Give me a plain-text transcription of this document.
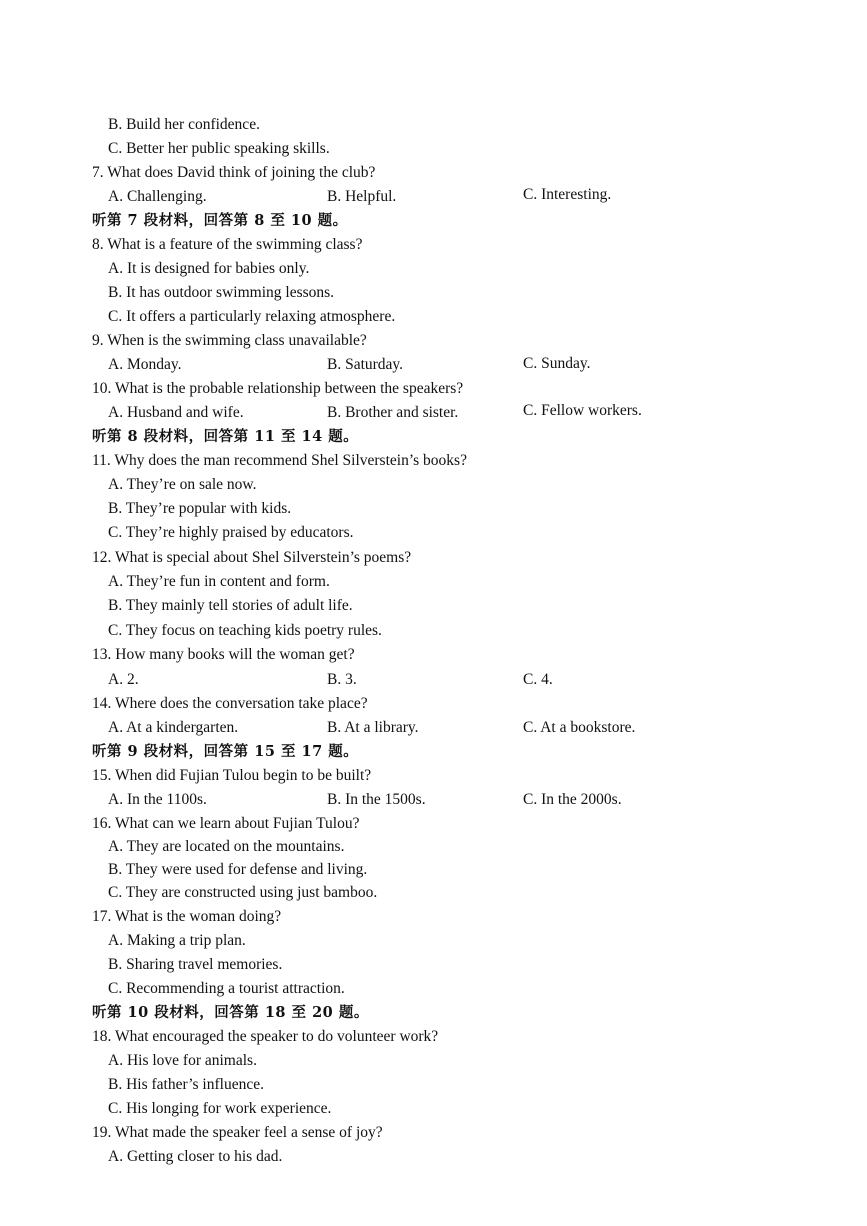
B. Build her confidence.
C. Better her public speaking skills.
7. What does David think of joining the club?
A. Challenging.	B. Helpful.	C. Interesting.
听第 7 段材料，回答第 8 至 10 题。
8. What is a feature of the swimming class?
A. It is designed for babies only.
B. It has outdoor swimming lessons.
C. It offers a particularly relaxing atmosphere.
9. When is the swimming class unavailable?
A. Monday.	B. Saturday.	C. Sunday.
10. What is the probable relationship between the speakers?
A. Husband and wife.	B. Brother and sister.	C. Fellow workers.
听第 8 段材料，回答第 11 至 14 题。
11. Why does the man recommend Shel Silverstein’s books?
A. They’re on sale now.
B. They’re popular with kids.
C. They’re highly praised by educators.
12. What is special about Shel Silverstein’s poems?
A. They’re fun in content and form.
B. They mainly tell stories of adult life.
C. They focus on teaching kids poetry rules.
13. How many books will the woman get?
A. 2.	B. 3.	C. 4.
14. Where does the conversation take place?
A. At a kindergarten.	B. At a library.	C. At a bookstore.
听第 9 段材料，回答第 15 至 17 题。
15. When did Fujian Tulou begin to be built?
A. In the 1100s.	B. In the 1500s.	C. In the 2000s.
16. What can we learn about Fujian Tulou?
A. They are located on the mountains.
B. They were used for defense and living.
C. They are constructed using just bamboo.
17. What is the woman doing?
A. Making a trip plan.
B. Sharing travel memories.
C. Recommending a tourist attraction.
听第 10 段材料，回答第 18 至 20 题。
18. What encouraged the speaker to do volunteer work?
A. His love for animals.
B. His father’s influence.
C. His longing for work experience.
19. What made the speaker feel a sense of joy?
A. Getting closer to his dad.
